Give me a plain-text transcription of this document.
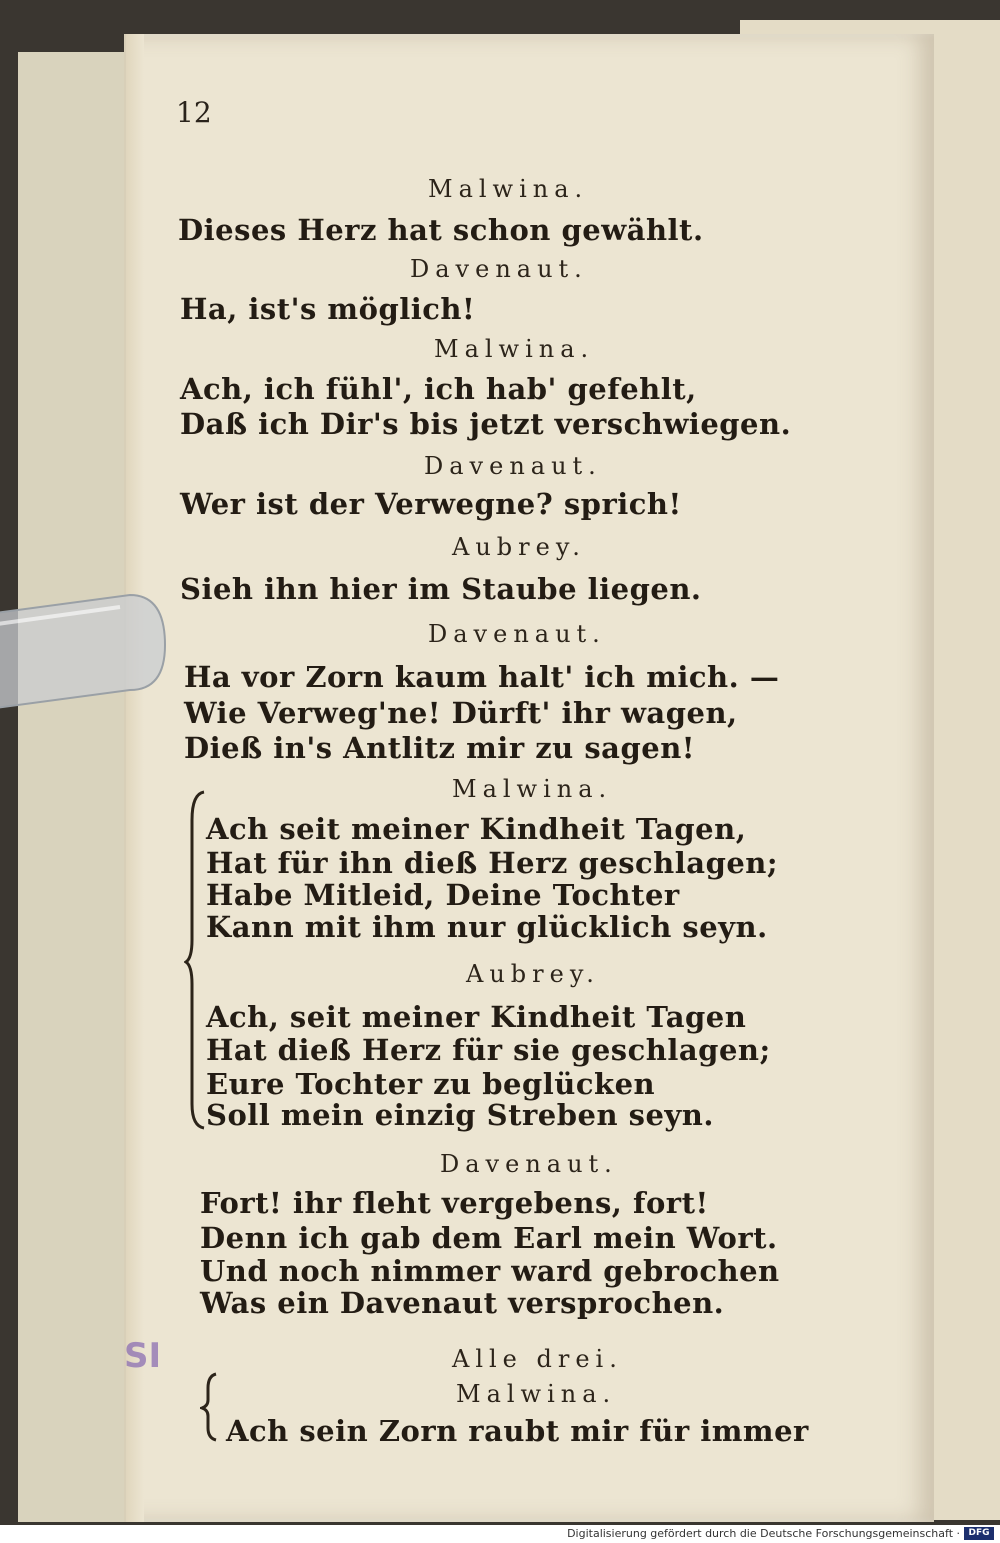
SI
12
Malwina.
Dieses Herz hat schon gewählt.
Davenaut.
Ha, ist's möglich!
Malwina.
Ach, ich fühl', ich hab' gefehlt,
Daß ich Dir's bis jetzt verschwiegen.
Davenaut.
Wer ist der Verwegne? sprich!
Aubrey.
Sieh ihn hier im Staube liegen.
Davenaut.
Ha vor Zorn kaum halt' ich mich. —
Wie Verweg'ne! Dürft' ihr wagen,
Dieß in's Antlitz mir zu sagen!
Malwina.
Ach seit meiner Kindheit Tagen,
Hat für ihn dieß Herz geschlagen;
Habe Mitleid, Deine Tochter
Kann mit ihm nur glücklich seyn.
Aubrey.
Ach, seit meiner Kindheit Tagen
Hat dieß Herz für sie geschlagen;
Eure Tochter zu beglücken
Soll mein einzig Streben seyn.
Davenaut.
Fort! ihr fleht vergebens, fort!
Denn ich gab dem Earl mein Wort.
Und noch nimmer ward gebrochen
Was ein Davenaut versprochen.
Alle drei.
Malwina.
Ach sein Zorn raubt mir für immer
Digitalisierung gefördert durch die Deutsche Forschungsgemeinschaft · DFG
